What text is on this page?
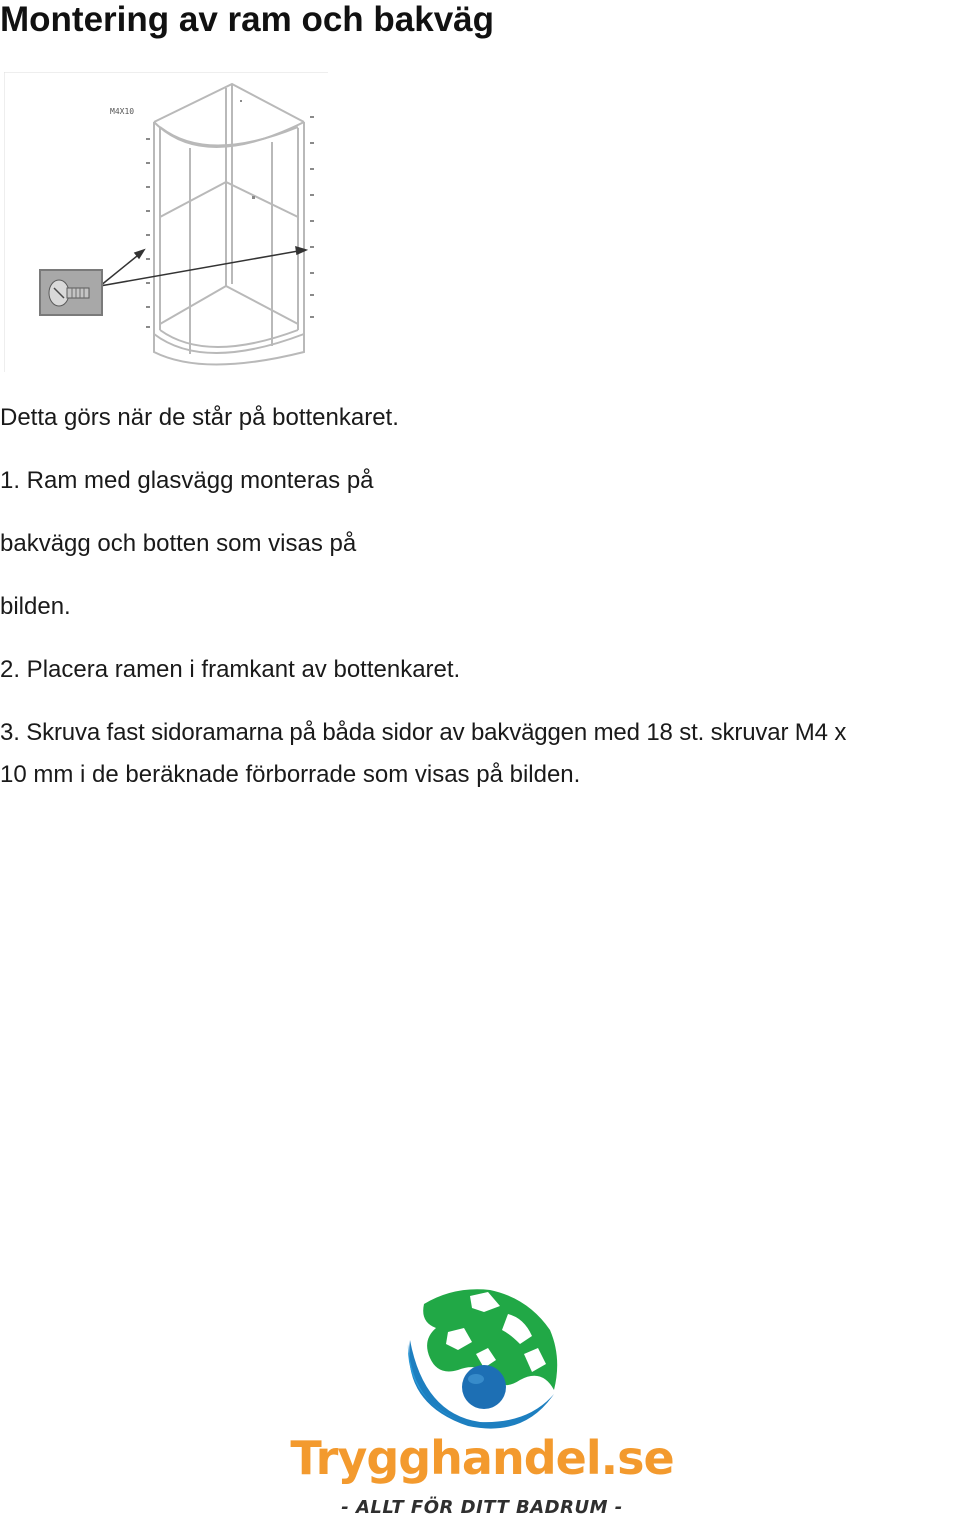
Montering av ram och bakväg
M4X10

Detta görs när de står på bottenkaret.

1. Ram med glasvägg monteras på

bakvägg och botten som visas på

bilden.

2. Placera ramen i framkant av bottenkaret.

3. Skruva fast sidoramarna på båda sidor av bakväggen med 18 st. skruvar M4 x

10 mm i de beräknade förborrade som visas på bilden.

Trygghandel.se
- ALLT FÖR DITT BADRUM -
